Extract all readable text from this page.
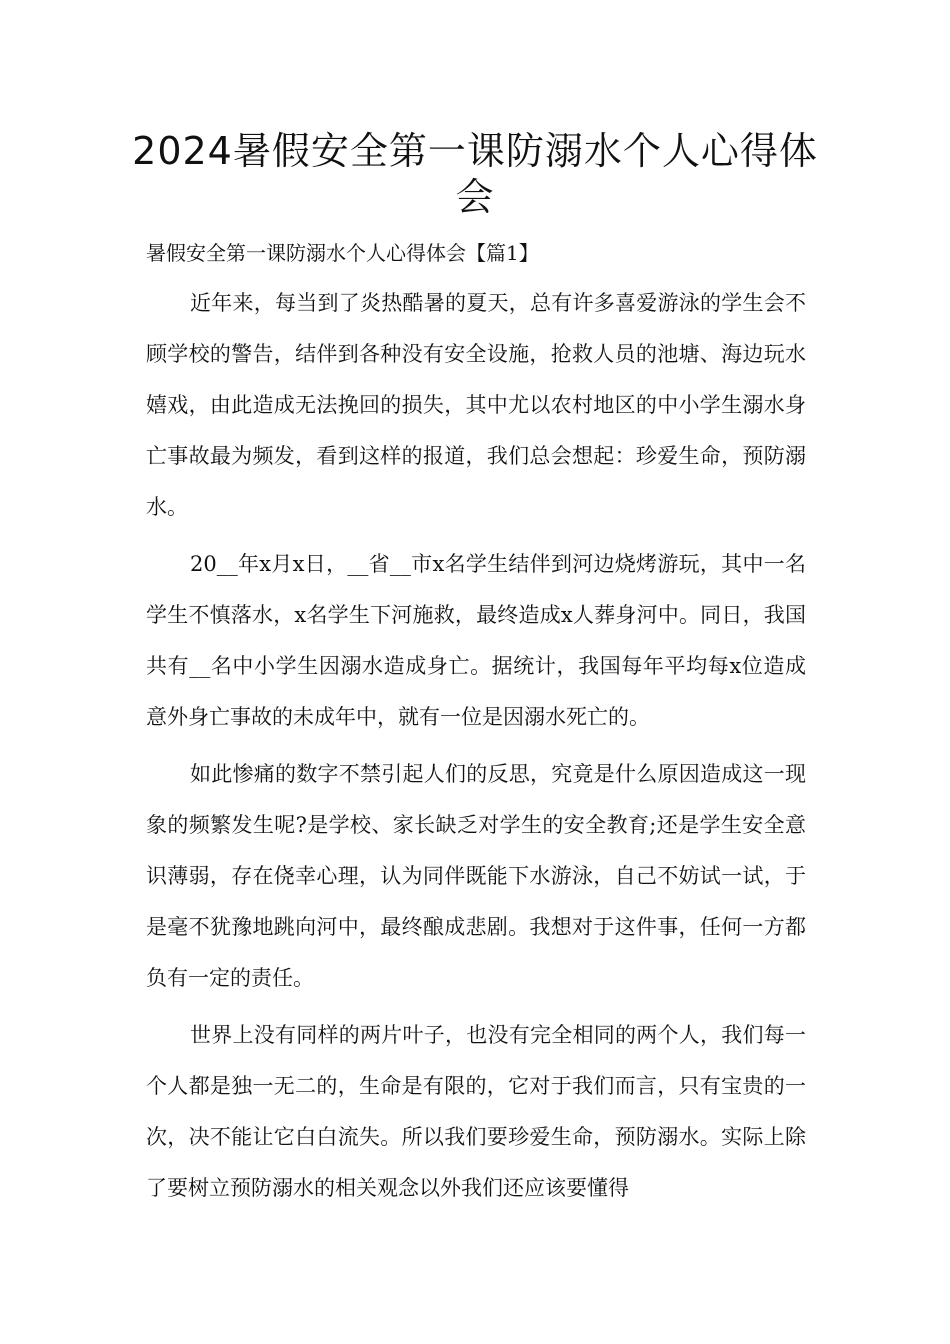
2024暑假安全第一课防溺水个人心得体会

暑假安全第一课防溺水个人心得体会【篇1】

近年来，每当到了炎热酷暑的夏天，总有许多喜爱游泳的学生会不顾学校的警告，结伴到各种没有安全设施，抢救人员的池塘、海边玩水嬉戏，由此造成无法挽回的损失，其中尤以农村地区的中小学生溺水身亡事故最为频发，看到这样的报道，我们总会想起：珍爱生命，预防溺水。

20__年x月x日，__省__市x名学生结伴到河边烧烤游玩，其中一名学生不慎落水，x名学生下河施救，最终造成x人葬身河中。同日，我国共有__名中小学生因溺水造成身亡。据统计，我国每年平均每x位造成意外身亡事故的未成年中，就有一位是因溺水死亡的。

如此惨痛的数字不禁引起人们的反思，究竟是什么原因造成这一现象的频繁发生呢?是学校、家长缺乏对学生的安全教育;还是学生安全意识薄弱，存在侥幸心理，认为同伴既能下水游泳，自己不妨试一试，于是毫不犹豫地跳向河中，最终酿成悲剧。我想对于这件事，任何一方都负有一定的责任。

世界上没有同样的两片叶子，也没有完全相同的两个人，我们每一个人都是独一无二的，生命是有限的，它对于我们而言，只有宝贵的一次，决不能让它白白流失。所以我们要珍爱生命，预防溺水。实际上除了要树立预防溺水的相关观念以外我们还应该要懂得
